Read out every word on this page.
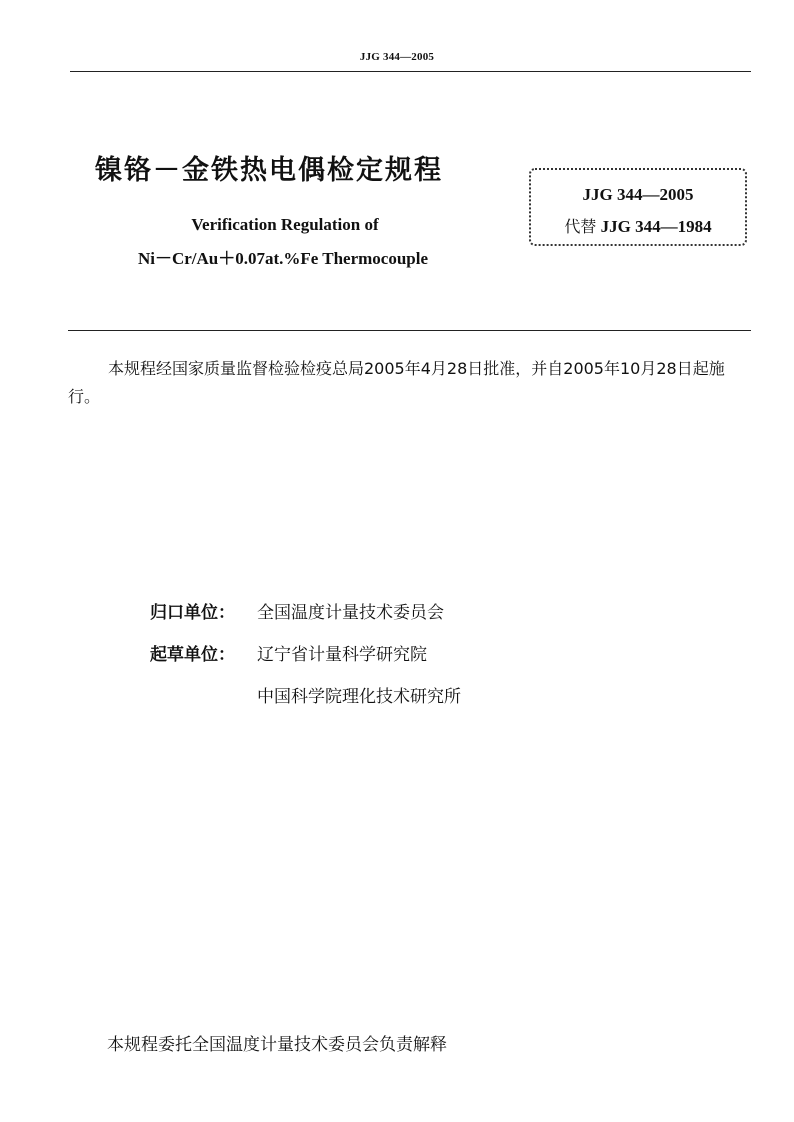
JJG 344—2005
镍铬－金铁热电偶检定规程
Verification Regulation of
Ni－Cr/Au＋0.07at.%Fe Thermocouple
JJG 344—2005
代替 JJG 344—1984
本规程经国家质量监督检验检疫总局2005年4月28日批准，并自2005年10月28日起施行。
归口单位： 全国温度计量技术委员会
起草单位： 辽宁省计量科学研究院
中国科学院理化技术研究所
本规程委托全国温度计量技术委员会负责解释
